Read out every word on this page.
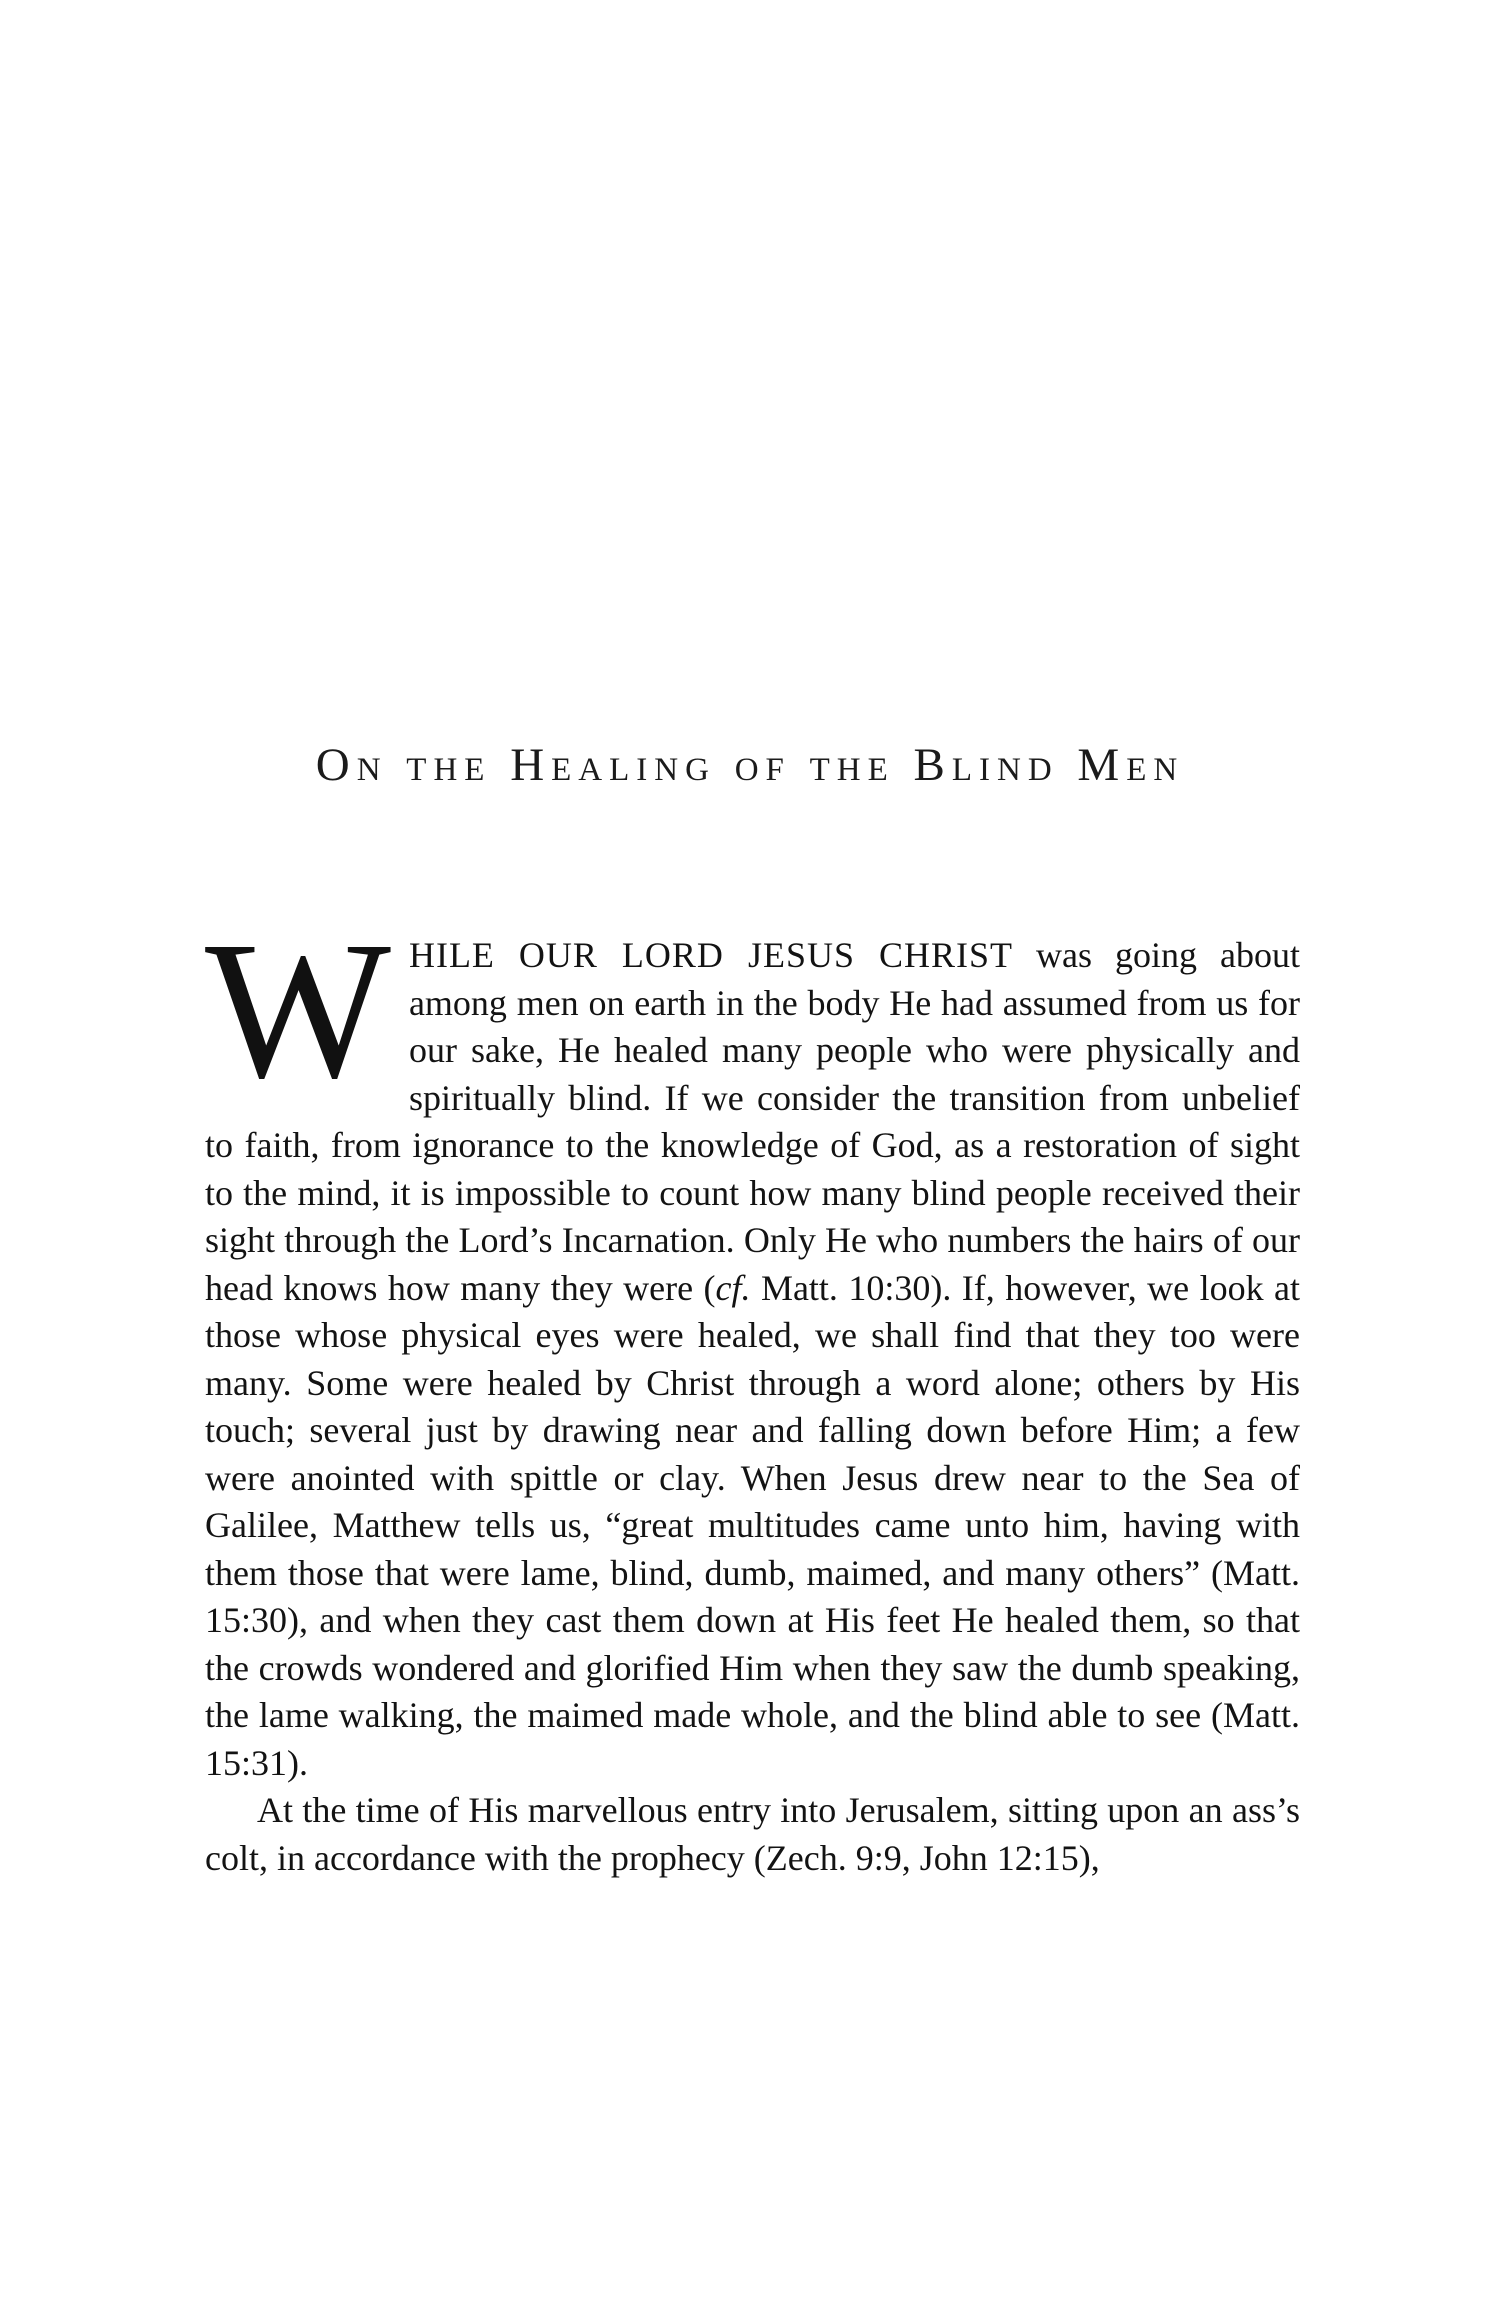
On the Healing of the Blind Men

WHILE OUR LORD JESUS CHRIST was going about among men on earth in the body He had assumed from us for our sake, He healed many people who were physically and spiritually blind. If we consider the transition from unbelief to faith, from ignorance to the knowledge of God, as a restoration of sight to the mind, it is impossible to count how many blind people received their sight through the Lord’s Incarnation. Only He who numbers the hairs of our head knows how many they were (cf. Matt. 10:30). If, however, we look at those whose physical eyes were healed, we shall find that they too were many. Some were healed by Christ through a word alone; others by His touch; several just by drawing near and falling down before Him; a few were anointed with spittle or clay. When Jesus drew near to the Sea of Galilee, Matthew tells us, “great multitudes came unto him, having with them those that were lame, blind, dumb, maimed, and many others” (Matt. 15:30), and when they cast them down at His feet He healed them, so that the crowds wondered and glorified Him when they saw the dumb speaking, the lame walking, the maimed made whole, and the blind able to see (Matt. 15:31).

At the time of His marvellous entry into Jerusalem, sitting upon an ass’s colt, in accordance with the prophecy (Zech. 9:9, John 12:15),
